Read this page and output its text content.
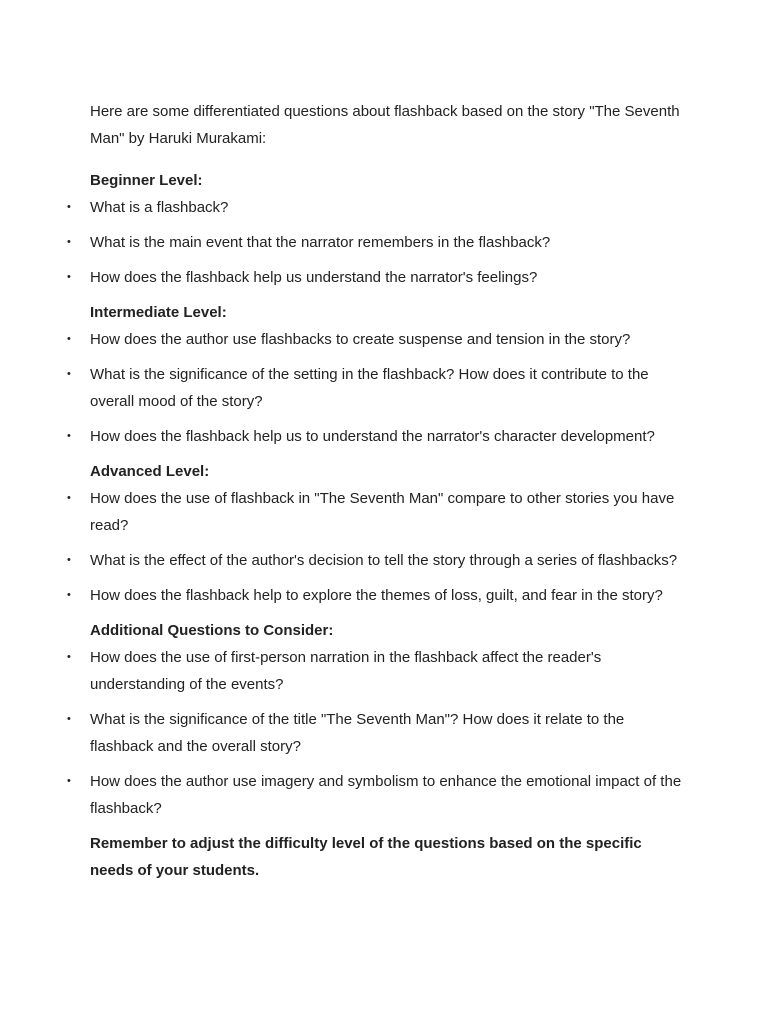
Here are some differentiated questions about flashback based on the story "The Seventh Man" by Haruki Murakami:

Beginner Level:

•	What is a flashback?
•	What is the main event that the narrator remembers in the flashback?
•	How does the flashback help us understand the narrator's feelings?

Intermediate Level:

•	How does the author use flashbacks to create suspense and tension in the story?
•	What is the significance of the setting in the flashback? How does it contribute to the overall mood of the story?
•	How does the flashback help us to understand the narrator's character development?

Advanced Level:

•	How does the use of flashback in "The Seventh Man" compare to other stories you have read?
•	What is the effect of the author's decision to tell the story through a series of flashbacks?
•	How does the flashback help to explore the themes of loss, guilt, and fear in the story?

Additional Questions to Consider:

•	How does the use of first-person narration in the flashback affect the reader's understanding of the events?
•	What is the significance of the title "The Seventh Man"? How does it relate to the flashback and the overall story?
•	How does the author use imagery and symbolism to enhance the emotional impact of the flashback?

Remember to adjust the difficulty level of the questions based on the specific needs of your students.
